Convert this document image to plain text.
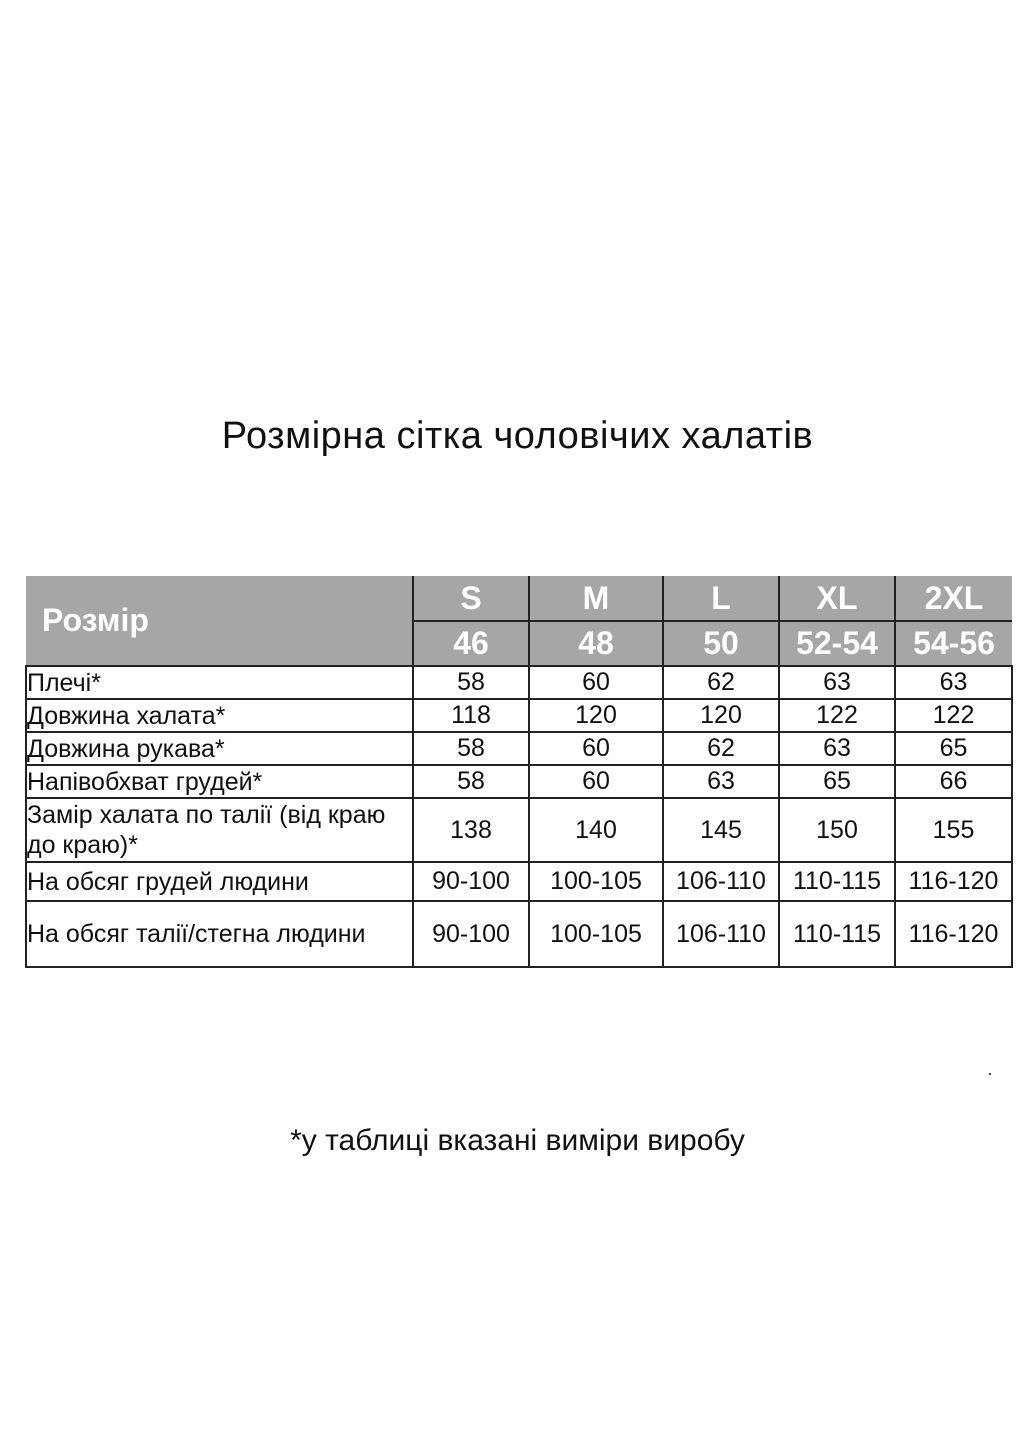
Розмірна сітка чоловічих халатів
Розмір	S	M	L	XL	2XL
	46	48	50	52-54	54-56
Плечі*	58	60	62	63	63
Довжина халата*	118	120	120	122	122
Довжина рукава*	58	60	62	63	65
Напівобхват грудей*	58	60	63	65	66
Замір халата по талії (від краю до краю)*	138	140	145	150	155
На обсяг грудей людини	90-100	100-105	106-110	110-115	116-120
На обсяг талії/стегна людини	90-100	100-105	106-110	110-115	116-120

*у таблиці вказані виміри виробу
